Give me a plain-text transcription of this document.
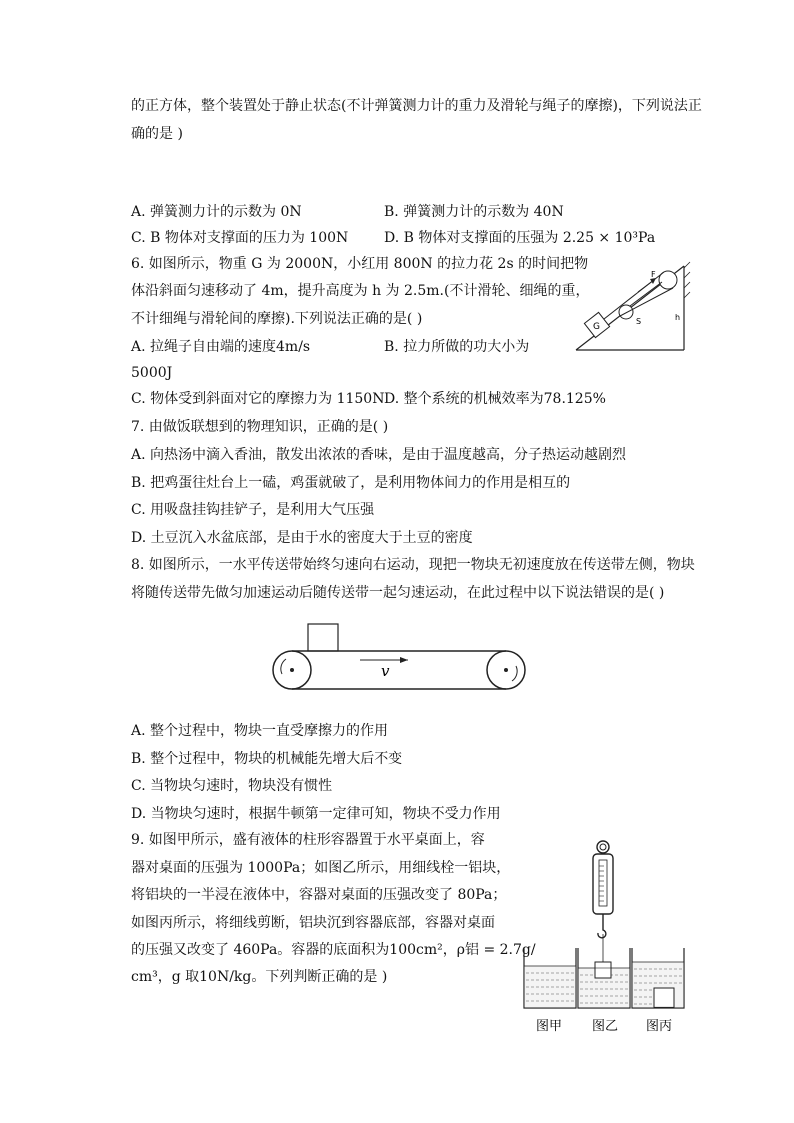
的正方体，整个装置处于静止状态(不计弹簧测力计的重力及滑轮与绳子的摩擦)，下列说法正
确的是 )
A. 弹簧测力计的示数为 0N	B. 弹簧测力计的示数为 40N
C. B 物体对支撑面的压力为 100N	D. B 物体对支撑面的压强为 2.25 × 10³Pa
6. 如图所示，物重 G 为 2000N，小红用 800N 的拉力花 2s 的时间把物
体沿斜面匀速移动了 4m，提升高度为 h 为 2.5m.(不计滑轮、细绳的重，
不计细绳与滑轮间的摩擦).下列说法正确的是( )
A. 拉绳子自由端的速度4m/s	B. 拉力所做的功大小为
5000J
C. 物体受到斜面对它的摩擦力为 1150N D. 整个系统的机械效率为78.125%
G
F
S	h
7. 由做饭联想到的物理知识，正确的是( )
A. 向热汤中滴入香油，散发出浓浓的香味，是由于温度越高，分子热运动越剧烈
B. 把鸡蛋往灶台上一磕，鸡蛋就破了，是利用物体间力的作用是相互的
C. 用吸盘挂钩挂铲子，是利用大气压强
D. 土豆沉入水盆底部，是由于水的密度大于土豆的密度
8. 如图所示，一水平传送带始终匀速向右运动，现把一物块无初速度放在传送带左侧，物块
将随传送带先做匀加速运动后随传送带一起匀速运动，在此过程中以下说法错误的是( )
v
A. 整个过程中，物块一直受摩擦力的作用
B. 整个过程中，物块的机械能先增大后不变
C. 当物块匀速时，物块没有惯性
D. 当物块匀速时，根据牛顿第一定律可知，物块不受力作用
9. 如图甲所示，盛有液体的柱形容器置于水平桌面上，容
器对桌面的压强为 1000Pa；如图乙所示，用细线栓一铝块，
将铝块的一半浸在液体中，容器对桌面的压强改变了 80Pa；
如图丙所示，将细线剪断，铝块沉到容器底部，容器对桌面
的压强又改变了 460Pa。容器的底面积为100cm²，ρ铝 = 2.7g/
cm³，g 取10N/kg。下列判断正确的是 )
图甲 图乙 图丙
